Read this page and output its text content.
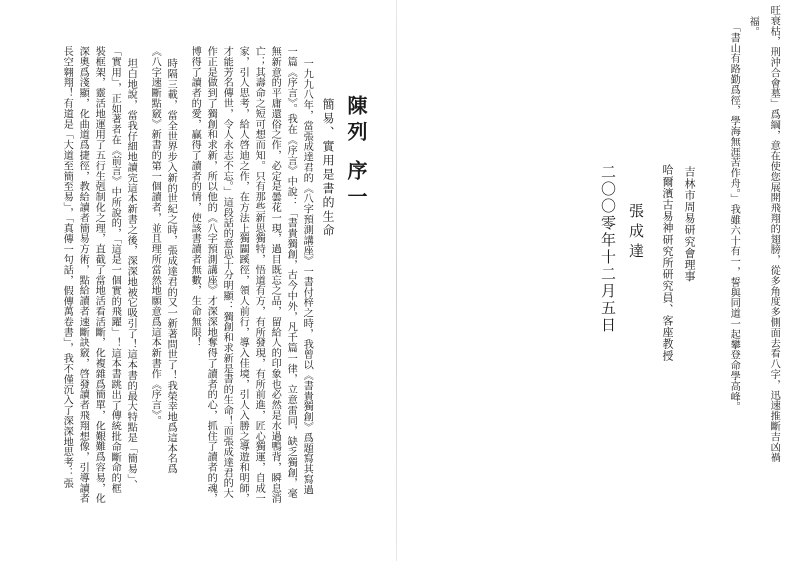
旺衰枯，刑沖合會墓」爲綱，意在使您展開飛翔的翅膀，從多角度多側面去看八字，迅速推斷吉凶禍
福。
「書山有路勤爲徑，學海無涯苦作舟。」我雖六十有一，誓與同道一起攀登命學高峰。
吉林市周易研究會理事
哈爾濱古易神研究所研究員、客座教授
張成達
二〇〇零年十二月五日
陳列 序一
簡易、實用是書的生命
一九九八年，當張成達君的《八字預測講座》一書付梓之時，我曾以《書貴獨創》爲題寫其寫過
一篇《序言》。我在《序言》中說：「書貴獨創，古今中外，凡千篇一律，立意雷同，缺乏獨創，毫
無新意的平庸還俗之作，必定是曇花一現，過目既忘之品，留給人的印象也必然是水過鴨背，瞬息消
亡；其壽命之短可想而知。只有那些新思獨特，悟道有方，有所發現，有所前進，匠心獨運，自成一
家，引人思考，給人啓迪之作，在方法上獨闢蹊徑，領人前行，導入佳境，引人入勝之導遊和明師，
才能芳名傳世，令人永志不忘。」這段話的意思十分明顯：獨創和求新是書的生命！而張成達君的大
作正是做到了獨創和求新，所以他的《八字預測講座》才深深地奪得了讀者的心，抓住了讀者的魂，
博得了讀者的愛，贏得了讀者的情，使該書讀者無數，生命無限！
時隔三載，當全世界步入新的世紀之時，張成達君的又一新著問世了！我榮幸地爲這本名爲
《八字速斷點竅》新書的第一個讀者，並且理所當然地願意爲這本新書作《序言》。
坦白地說，當我仔細地讀完這本新書之後，深深地被它吸引了！這本書的最大特點是「簡易」、
「實用」，正如著者在《前言》中所說的，「這是一個實的飛躍」！這本書跳出了傳統批命斷命的框
裝框架，靈活地運用了五行生剋制化之理，直截了當地活看活斷，化複雜爲簡單，化艱難爲容易，化
深奧爲淺顯，化曲道爲捷徑，教給讀者簡易方術，點給讀者速斷訣竅，啓發讀者飛翔想像，引導讀者
長空翱翔！有道是「大道至簡至易」，「真傳一句話，假傳萬卷書」，我不僅沉入了深深地思考：張
